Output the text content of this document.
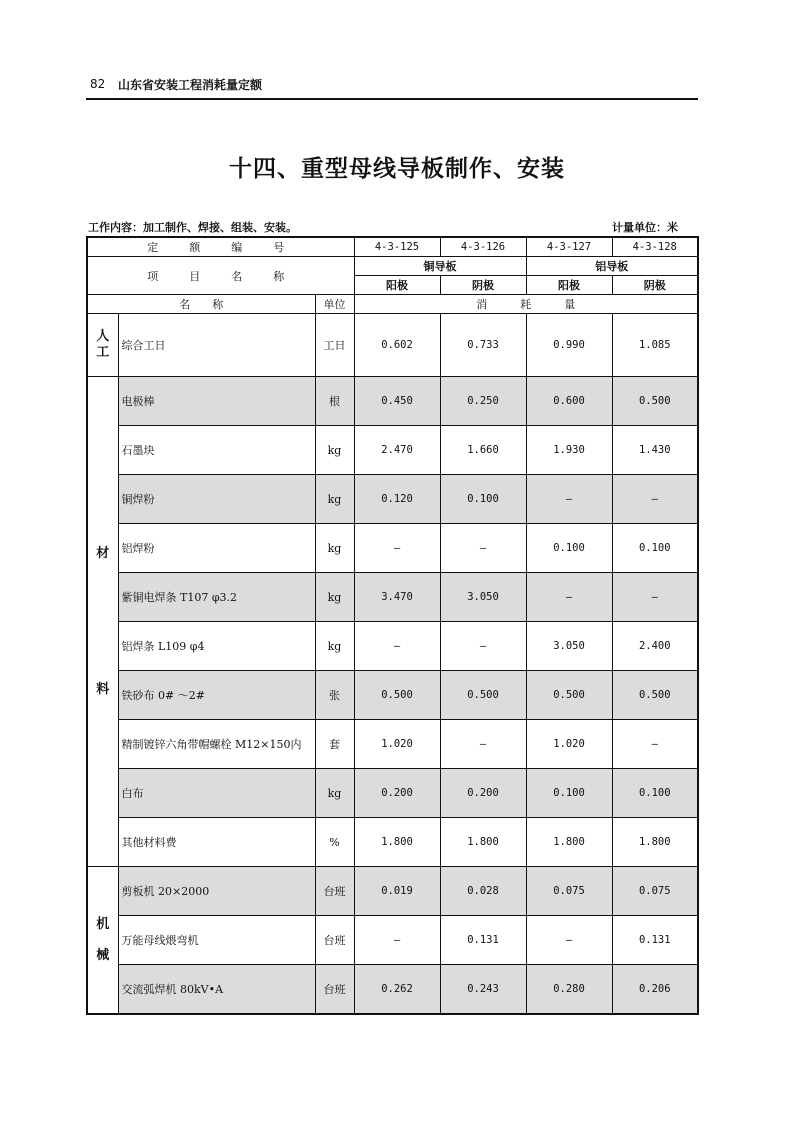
82 山东省安装工程消耗量定额
十四、重型母线导板制作、安装
工作内容：加工制作、焊接、组装、安装。	计量单位：米
定　额　编　号			4-3-125	4-3-126	4-3-127	4-3-128
项　目　名　称			铜导板		铝导板	
			阳极	阴极	阳极	阴极
名　　称		单位	消　　　耗　　　量			

人
工	综合工日	工日	0.602	0.733	0.990	1.085

材

料	电极棒	根	0.450	0.250	0.600	0.500
	石墨块	kg	2.470	1.660	1.930	1.430
	铜焊粉	kg	0.120	0.100	—	—
	铝焊粉	kg	—	—	0.100	0.100
	紫铜电焊条 T107 φ3.2	kg	3.470	3.050	—	—
	铝焊条 L109 φ4	kg	—	—	3.050	2.400
	铁砂布 0# ～2#	张	0.500	0.500	0.500	0.500
	精制镀锌六角带帽螺栓 M12×150内	套	1.020	—	1.020	—
	白布	kg	0.200	0.200	0.100	0.100
	其他材料费	%	1.800	1.800	1.800	1.800

机

械	剪板机 20×2000	台班	0.019	0.028	0.075	0.075
	万能母线煨弯机	台班	—	0.131	—	0.131
	交流弧焊机 80kV•A	台班	0.262	0.243	0.280	0.206
